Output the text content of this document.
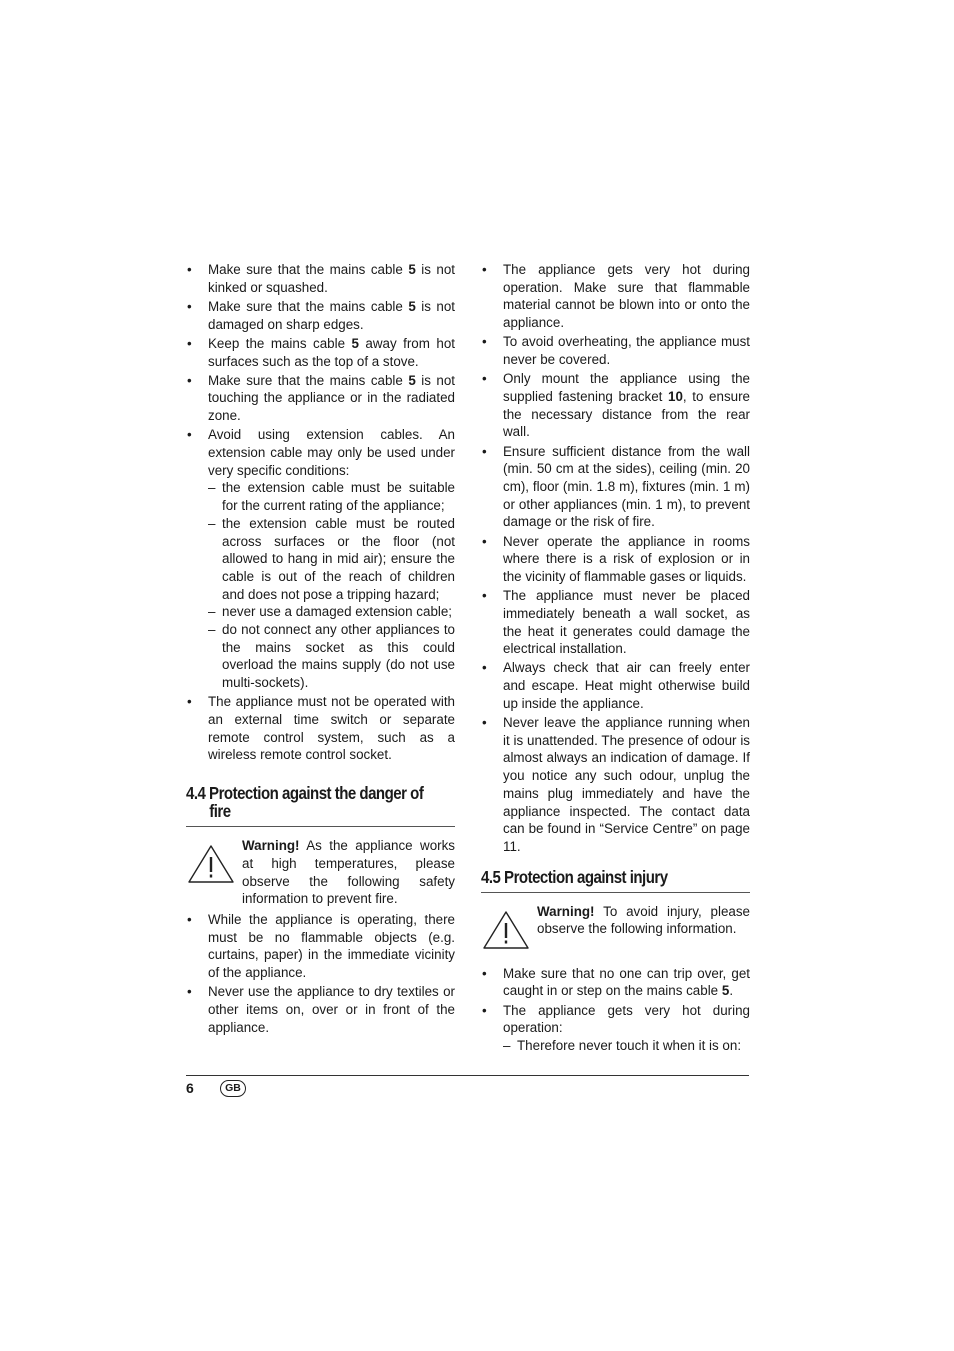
• Make sure that the mains cable 5 is not kinked or squashed.
• Make sure that the mains cable 5 is not damaged on sharp edges.
• Keep the mains cable 5 away from hot surfaces such as the top of a stove.
• Make sure that the mains cable 5 is not touching the appliance or in the radiated zone.
• Avoid using extension cables. An extension cable may only be used under very specific conditions:
– the extension cable must be suitable for the current rating of the appliance;
– the extension cable must be routed across surfaces or the floor (not allowed to hang in mid air); ensure the cable is out of the reach of children and does not pose a tripping hazard;
– never use a damaged extension cable;
– do not connect any other appliances to the mains socket as this could overload the mains supply (do not use multi-sockets).
• The appliance must not be operated with an external time switch or separate remote control system, such as a wireless remote control socket.
4.4 Protection against the danger of
fire
Warning! As the appliance works at high temperatures, please observe the following safety information to prevent fire.
• While the appliance is operating, there must be no flammable objects (e.g. curtains, paper) in the immediate vicinity of the appliance.
• Never use the appliance to dry textiles or other items on, over or in front of the appliance.
• The appliance gets very hot during operation. Make sure that flammable material cannot be blown into or onto the appliance.
• To avoid overheating, the appliance must never be covered.
• Only mount the appliance using the supplied fastening bracket 10, to ensure the necessary distance from the rear wall.
• Ensure sufficient distance from the wall (min. 50 cm at the sides), ceiling (min. 20 cm), floor (min. 1.8 m), fixtures (min. 1 m) or other appliances (min. 1 m), to prevent damage or the risk of fire.
• Never operate the appliance in rooms where there is a risk of explosion or in the vicinity of flammable gases or liquids.
• The appliance must never be placed immediately beneath a wall socket, as the heat it generates could damage the electrical installation.
• Always check that air can freely enter and escape. Heat might otherwise build up inside the appliance.
• Never leave the appliance running when it is unattended. The presence of odour is almost always an indication of damage. If you notice any such odour, unplug the mains plug immediately and have the appliance inspected. The contact data can be found in “Service Centre” on page 11.
4.5 Protection against injury
Warning! To avoid injury, please observe the following information.
• Make sure that no one can trip over, get caught in or step on the mains cable 5.
• The appliance gets very hot during operation:
– Therefore never touch it when it is on:
6	GB
